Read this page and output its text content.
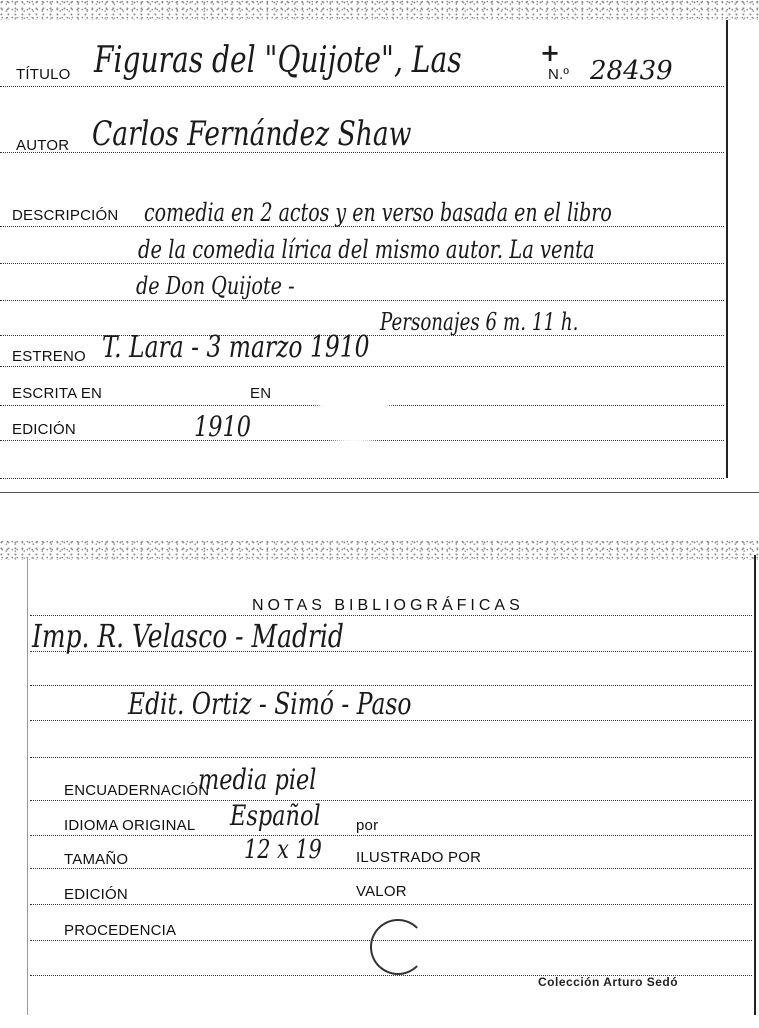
TÍTULO Figuras del "Quijote", Las	+
N.º 28439
AUTOR Carlos Fernández Shaw
DESCRIPCIÓN comedia en 2 actos y en verso basada en el libro
de la comedia lírica del mismo autor. La venta
de Don Quijote -
Personajes 6 m. 11 h.
ESTRENO T. Lara - 3 marzo 1910
ESCRITA EN	EN
EDICIÓN	1910
NOTAS BIBLIOGRÁFICAS
Imp. R. Velasco - Madrid
Edit. Ortiz - Simó - Paso
ENCUADERNACIÓN
media piel
IDIOMA ORIGINAL Español por
TAMAÑO	12 x 19 ILUSTRADO POR
EDICIÓN	VALOR
PROCEDENCIA
Colección Arturo Sedó
